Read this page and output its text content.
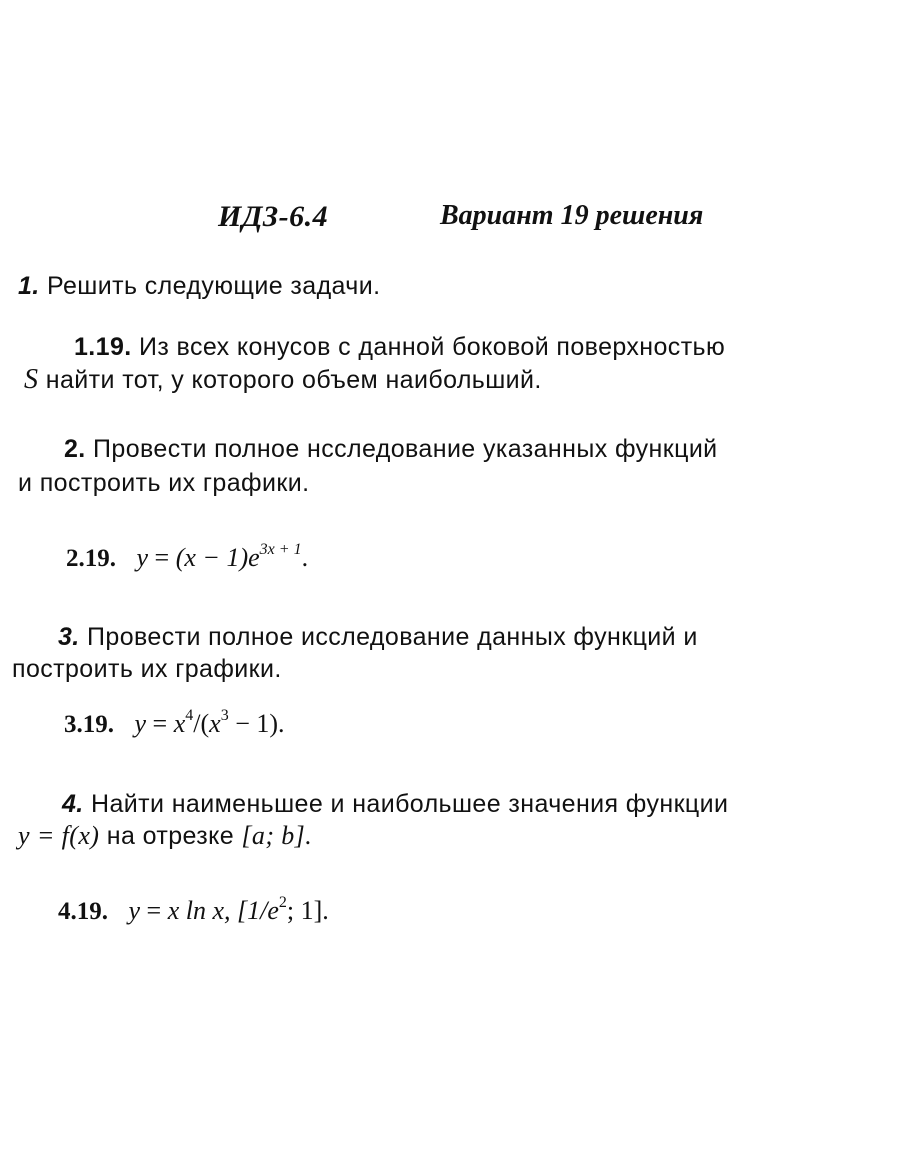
ИДЗ-6.4	Вариант 19 решения
1. Решить следующие задачи.
1.19. Из всех конусов с данной боковой поверхностью
S найти тот, у которого объем наибольший.
2. Провести полное нсследование указанных функций
и построить их графики.
2.19. $y = (x - 1)e^{3x + 1}$.
3. Провести полное исследование данных функций и
построить их графики.
3.19. $y = x^4/(x^3 - 1)$.
4. Найти наименьшее и наибольшее значения функции
y = f(x) на отрезке [a; b].
4.19. y = x ln x, [$1/e^2$; 1].
